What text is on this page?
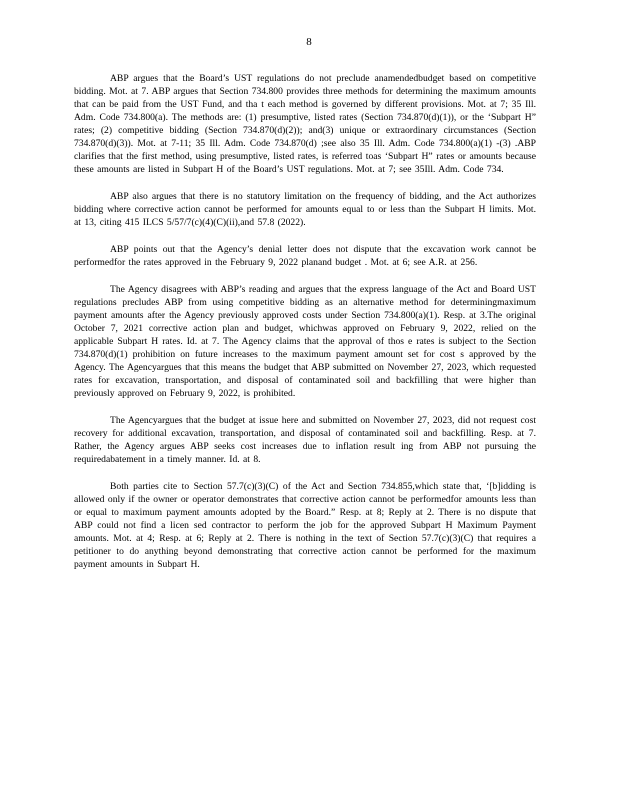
8

ABP argues that the Board’s UST regulations do not preclude anamendedbudget based on competitive bidding. Mot. at 7. ABP argues that Section 734.800 provides three methods for determining the maximum amounts that can be paid from the UST Fund, and tha t each method is governed by different provisions. Mot. at 7; 35 Ill. Adm. Code 734.800(a). The methods are: (1) presumptive, listed rates (Section 734.870(d)(1)), or the ‘Subpart H” rates; (2) competitive bidding (Section 734.870(d)(2)); and(3) unique or extraordinary circumstances (Section 734.870(d)(3)). Mot. at 7-11; 35 Ill. Adm. Code 734.870(d) ;see also 35 Ill. Adm. Code 734.800(a)(1) -(3) .ABP clarifies that the first method, using presumptive, listed rates, is referred toas ‘Subpart H” rates or amounts because these amounts are listed in Subpart H of the Board’s UST regulations. Mot. at 7; see 35Ill. Adm. Code 734.

ABP also argues that there is no statutory limitation on the frequency of bidding, and the Act authorizes bidding where corrective action cannot be performed for amounts equal to or less than the Subpart H limits. Mot. at 13, citing 415 ILCS 5/57/7(c)(4)(C)(ii),and 57.8 (2022).

ABP points out that the Agency’s denial letter does not dispute that the excavation work cannot be performedfor the rates approved in the February 9, 2022 planand budget . Mot. at 6; see A.R. at 256.

The Agency disagrees with ABP’s reading and argues that the express language of the Act and Board UST regulations precludes ABP from using competitive bidding as an alternative method for determiningmaximum payment amounts after the Agency previously approved costs under Section 734.800(a)(1). Resp. at 3.The original October 7, 2021 corrective action plan and budget, whichwas approved on February 9, 2022, relied on the applicable Subpart H rates. Id. at 7. The Agency claims that the approval of thos e rates is subject to the Section 734.870(d)(1) prohibition on future increases to the maximum payment amount set for cost s approved by the Agency. The Agencyargues that this means the budget that ABP submitted on November 27, 2023, which requested rates for excavation, transportation, and disposal of contaminated soil and backfilling that were higher than previously approved on February 9, 2022, is prohibited.

The Agencyargues that the budget at issue here and submitted on November 27, 2023, did not request cost recovery for additional excavation, transportation, and disposal of contaminated soil and backfilling. Resp. at 7. Rather, the Agency argues ABP seeks cost increases due to inflation result ing from ABP not pursuing the requiredabatement in a timely manner. Id. at 8.

Both parties cite to Section 57.7(c)(3)(C) of the Act and Section 734.855,which state that, ‘[b]idding is allowed only if the owner or operator demonstrates that corrective action cannot be performedfor amounts less than or equal to maximum payment amounts adopted by the Board.” Resp. at 8; Reply at 2. There is no dispute that ABP could not find a licen sed contractor to perform the job for the approved Subpart H Maximum Payment amounts. Mot. at 4; Resp. at 6; Reply at 2. There is nothing in the text of Section 57.7(c)(3)(C) that requires a petitioner to do anything beyond demonstrating that corrective action cannot be performed for the maximum payment amounts in Subpart H.
